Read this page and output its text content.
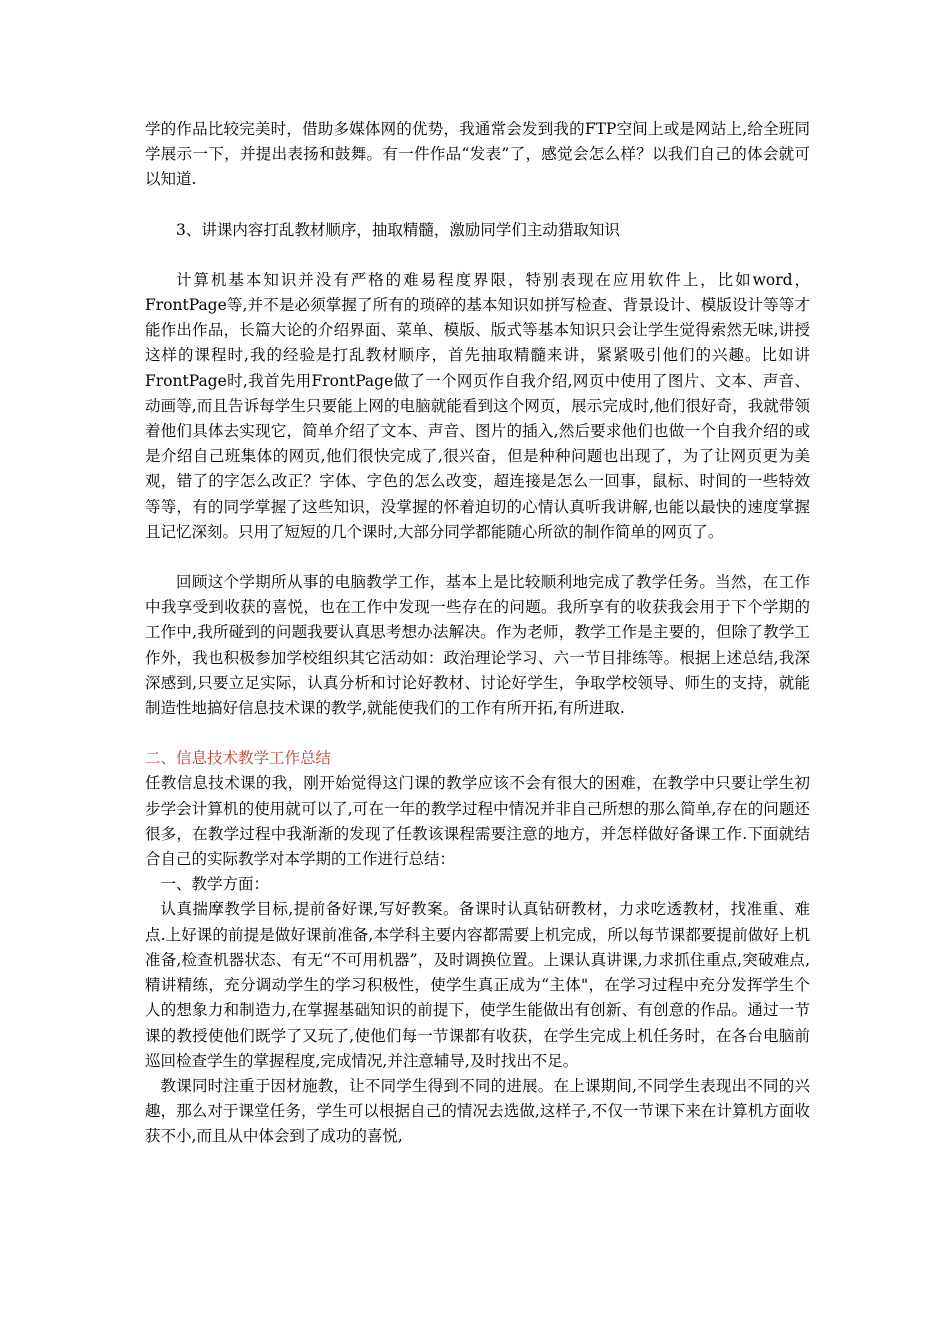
学的作品比较完美时，借助多媒体网的优势，我通常会发到我的FTP空间上或是网站上,给全班同学展示一下，并提出表扬和鼓舞。有一件作品“发表”了，感觉会怎么样？以我们自己的体会就可以知道.

3、讲课内容打乱教材顺序，抽取精髓，激励同学们主动猎取知识

计算机基本知识并没有严格的难易程度界限，特别表现在应用软件上，比如word，FrontPage等,并不是必须掌握了所有的琐碎的基本知识如拼写检查、背景设计、模版设计等等才能作出作品，长篇大论的介绍界面、菜单、模版、版式等基本知识只会让学生觉得索然无味,讲授这样的课程时,我的经验是打乱教材顺序，首先抽取精髓来讲，紧紧吸引他们的兴趣。比如讲FrontPage时,我首先用FrontPage做了一个网页作自我介绍,网页中使用了图片、文本、声音、动画等,而且告诉每学生只要能上网的电脑就能看到这个网页，展示完成时,他们很好奇，我就带领着他们具体去实现它，简单介绍了文本、声音、图片的插入,然后要求他们也做一个自我介绍的或是介绍自己班集体的网页,他们很快完成了,很兴奋，但是种种问题也出现了，为了让网页更为美观，错了的字怎么改正？字体、字色的怎么改变，超连接是怎么一回事，鼠标、时间的一些特效等等，有的同学掌握了这些知识，没掌握的怀着迫切的心情认真听我讲解,也能以最快的速度掌握且记忆深刻。只用了短短的几个课时,大部分同学都能随心所欲的制作简单的网页了。

回顾这个学期所从事的电脑教学工作，基本上是比较顺利地完成了教学任务。当然，在工作中我享受到收获的喜悦，也在工作中发现一些存在的问题。我所享有的收获我会用于下个学期的工作中,我所碰到的问题我要认真思考想办法解决。作为老师，教学工作是主要的，但除了教学工作外，我也积极参加学校组织其它活动如：政治理论学习、六一节目排练等。根据上述总结,我深深感到,只要立足实际，认真分析和讨论好教材、讨论好学生，争取学校领导、师生的支持，就能制造性地搞好信息技术课的教学,就能使我们的工作有所开拓,有所进取.

二、信息技术教学工作总结

任教信息技术课的我，刚开始觉得这门课的教学应该不会有很大的困难，在教学中只要让学生初步学会计算机的使用就可以了,可在一年的教学过程中情况并非自己所想的那么简单,存在的问题还很多，在教学过程中我渐渐的发现了任教该课程需要注意的地方，并怎样做好备课工作.下面就结合自己的实际教学对本学期的工作进行总结：

一、教学方面：

认真揣摩教学目标,提前备好课,写好教案。备课时认真钻研教材，力求吃透教材，找准重、难点.上好课的前提是做好课前准备,本学科主要内容都需要上机完成，所以每节课都要提前做好上机准备,检查机器状态、有无“不可用机器”，及时调换位置。上课认真讲课,力求抓住重点,突破难点,精讲精练，充分调动学生的学习积极性，使学生真正成为“主体"，在学习过程中充分发挥学生个人的想象力和制造力,在掌握基础知识的前提下，使学生能做出有创新、有创意的作品。通过一节课的教授使他们既学了又玩了,使他们每一节课都有收获，在学生完成上机任务时，在各台电脑前巡回检查学生的掌握程度,完成情况,并注意辅导,及时找出不足。

教课同时注重于因材施教，让不同学生得到不同的进展。在上课期间,不同学生表现出不同的兴趣，那么对于课堂任务，学生可以根据自己的情况去选做,这样子,不仅一节课下来在计算机方面收获不小,而且从中体会到了成功的喜悦,
